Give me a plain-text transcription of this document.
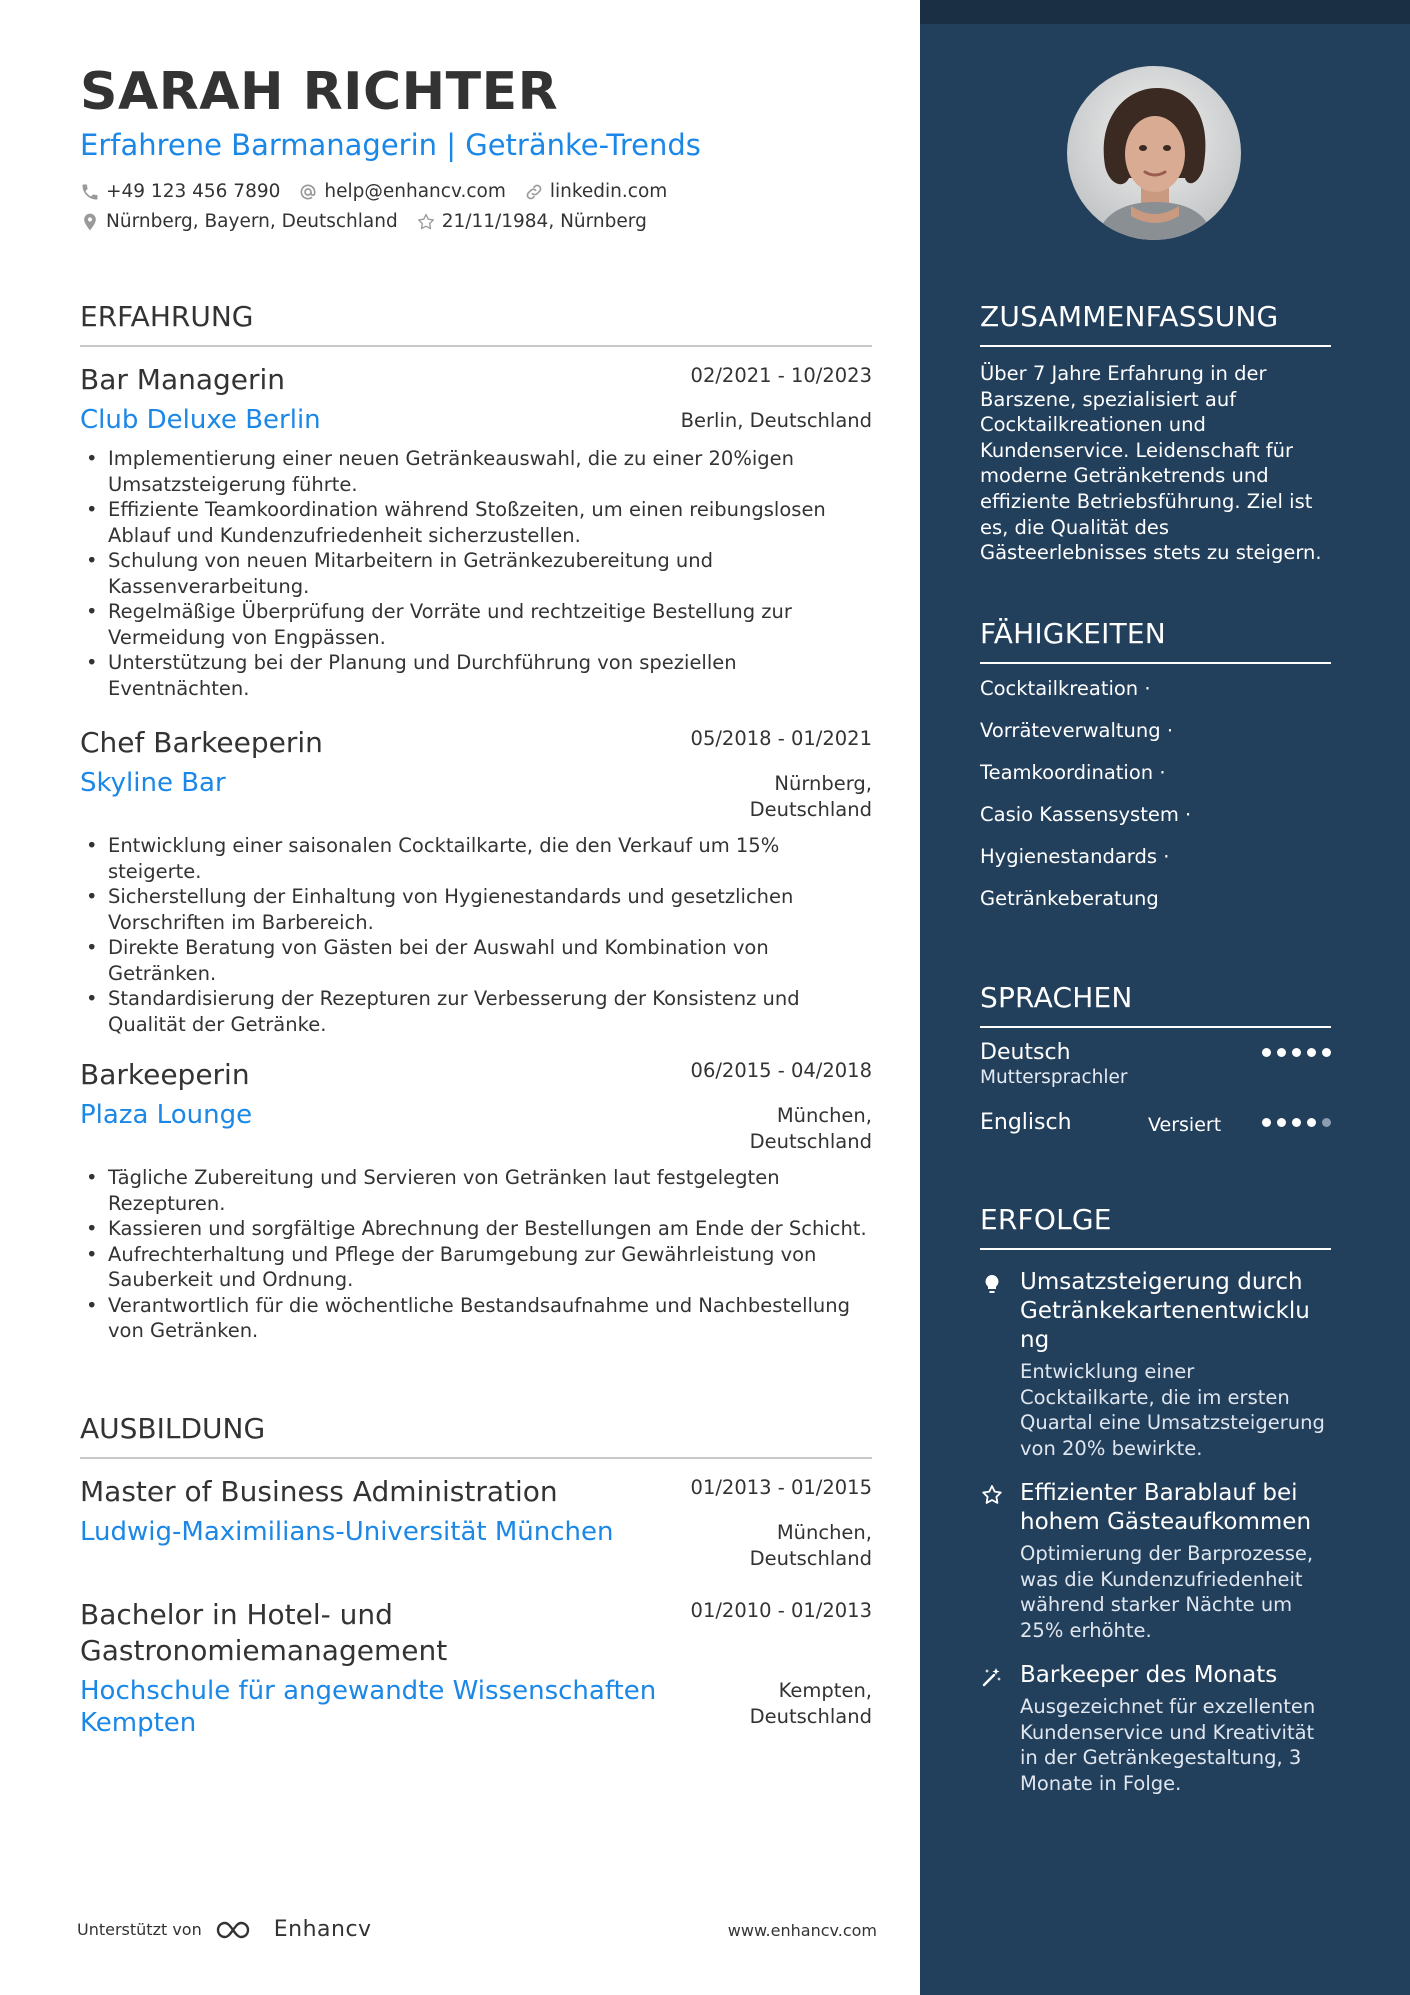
SARAH RICHTER
Erfahrene Barmanagerin | Getränke-Trends
+49 123 456 7890 help@enhancv.com linkedin.com
Nürnberg, Bayern, Deutschland 21/11/1984, Nürnberg
ERFAHRUNG
Bar Managerin	02/2021 - 10/2023
Club Deluxe Berlin	Berlin, Deutschland
• Implementierung einer neuen Getränkeauswahl, die zu einer 20%igen Umsatzsteigerung führte.
• Effiziente Teamkoordination während Stoßzeiten, um einen reibungslosen Ablauf und Kundenzufriedenheit sicherzustellen.
• Schulung von neuen Mitarbeitern in Getränkezubereitung und Kassenverarbeitung.
• Regelmäßige Überprüfung der Vorräte und rechtzeitige Bestellung zur Vermeidung von Engpässen.
• Unterstützung bei der Planung und Durchführung von speziellen Eventnächten.
Chef Barkeeperin	05/2018 - 01/2021
Skyline Bar	Nürnberg,
Deutschland
• Entwicklung einer saisonalen Cocktailkarte, die den Verkauf um 15% steigerte.
• Sicherstellung der Einhaltung von Hygienestandards und gesetzlichen Vorschriften im Barbereich.
• Direkte Beratung von Gästen bei der Auswahl und Kombination von Getränken.
• Standardisierung der Rezepturen zur Verbesserung der Konsistenz und Qualität der Getränke.
Barkeeperin	06/2015 - 04/2018
Plaza Lounge	München,
Deutschland
• Tägliche Zubereitung und Servieren von Getränken laut festgelegten Rezepturen.
• Kassieren und sorgfältige Abrechnung der Bestellungen am Ende der Schicht.
• Aufrechterhaltung und Pflege der Barumgebung zur Gewährleistung von Sauberkeit und Ordnung.
• Verantwortlich für die wöchentliche Bestandsaufnahme und Nachbestellung von Getränken.
AUSBILDUNG
Master of Business Administration	01/2013 - 01/2015
Ludwig-Maximilians-Universität München	München,
Deutschland
Bachelor in Hotel- und
Gastronomiemanagement
01/2010 - 01/2013
Hochschule für angewandte Wissenschaften
Kempten
Kempten,
Deutschland
Unterstützt von	Enhancv	www.enhancv.com
ZUSAMMENFASSUNG
Über 7 Jahre Erfahrung in der Barszene, spezialisiert auf Cocktailkreationen und Kundenservice. Leidenschaft für moderne Getränketrends und effiziente Betriebsführung. Ziel ist es, die Qualität des Gästeerlebnisses stets zu steigern.
FÄHIGKEITEN
Cocktailkreation ·
Vorräteverwaltung ·
Teamkoordination ·
Casio Kassensystem ·
Hygienestandards ·
Getränkeberatung
SPRACHEN
Deutsch
Muttersprachler
Englisch	Versiert
ERFOLGE
Umsatzsteigerung durch Getränkekartenentwicklu ng
Entwicklung einer Cocktailkarte, die im ersten Quartal eine Umsatzsteigerung von 20% bewirkte.
Effizienter Barablauf bei hohem Gästeaufkommen
Optimierung der Barprozesse, was die Kundenzufriedenheit während starker Nächte um 25% erhöhte.
Barkeeper des Monats
Ausgezeichnet für exzellenten Kundenservice und Kreativität in der Getränkegestaltung, 3 Monate in Folge.
